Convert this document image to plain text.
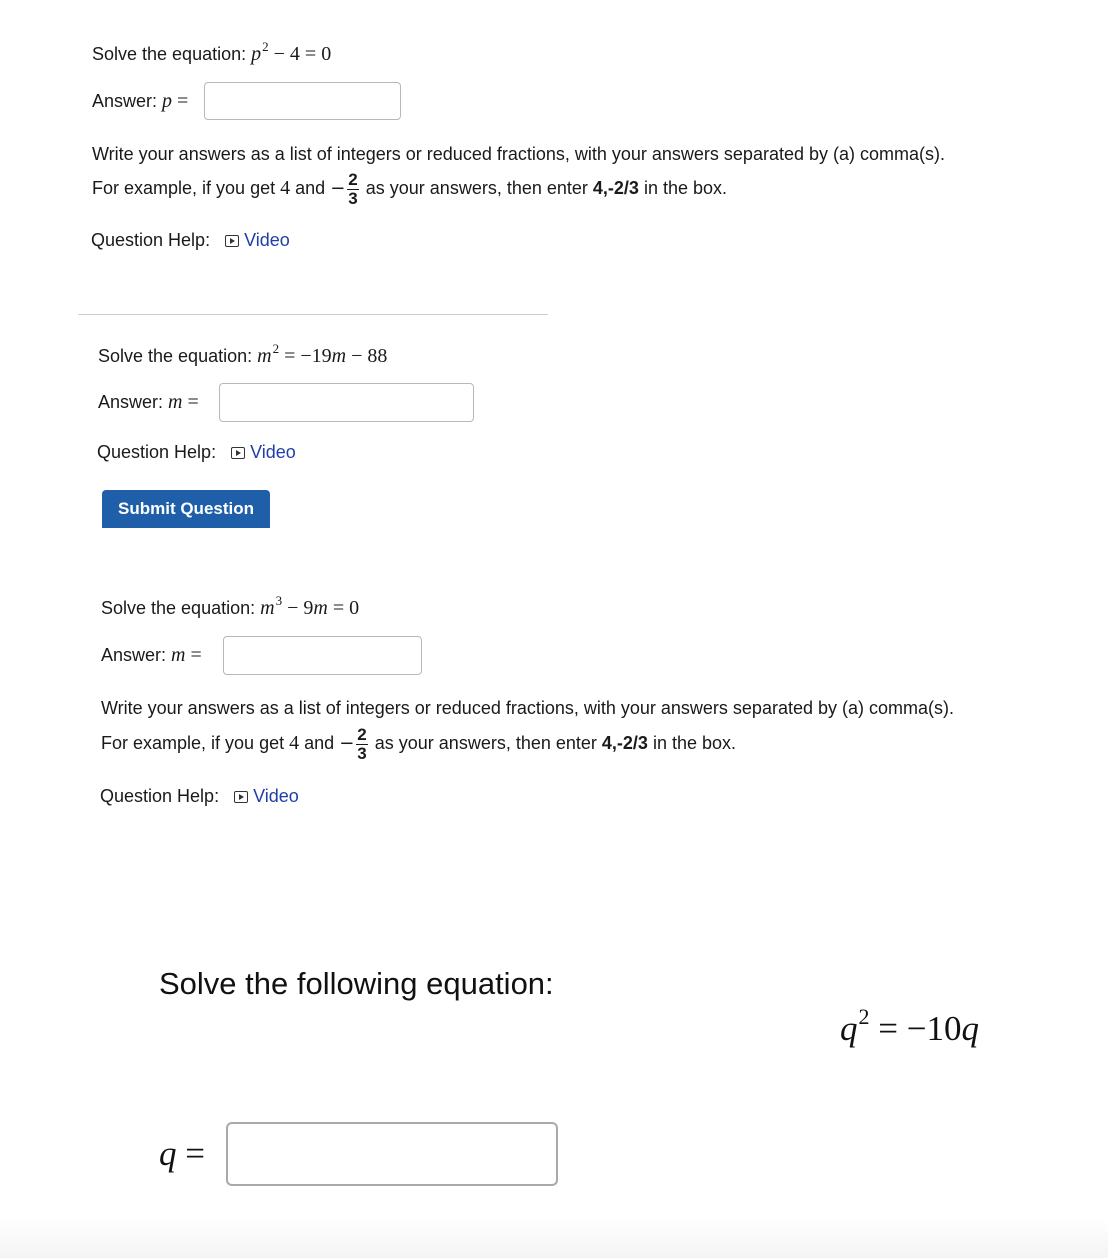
Solve the equation: $p^2 - 4 = 0$
Answer: p =
Write your answers as a list of integers or reduced fractions, with your answers separated by (a) comma(s).
For example, if you get 4 and − $\frac{2}{3}$ as your answers, then enter 4,-2/3 in the box.
Question Help: Video
Solve the equation: $m^2 = -19m - 88$
Answer: m =
Question Help: Video
Submit Question
Solve the equation: $m^3 - 9m = 0$
Answer: m =
Write your answers as a list of integers or reduced fractions, with your answers separated by (a) comma(s).
For example, if you get 4 and − $\frac{2}{3}$ as your answers, then enter 4,-2/3 in the box.
Question Help: Video
Solve the following equation:
$q^2 = -10q$
q =
